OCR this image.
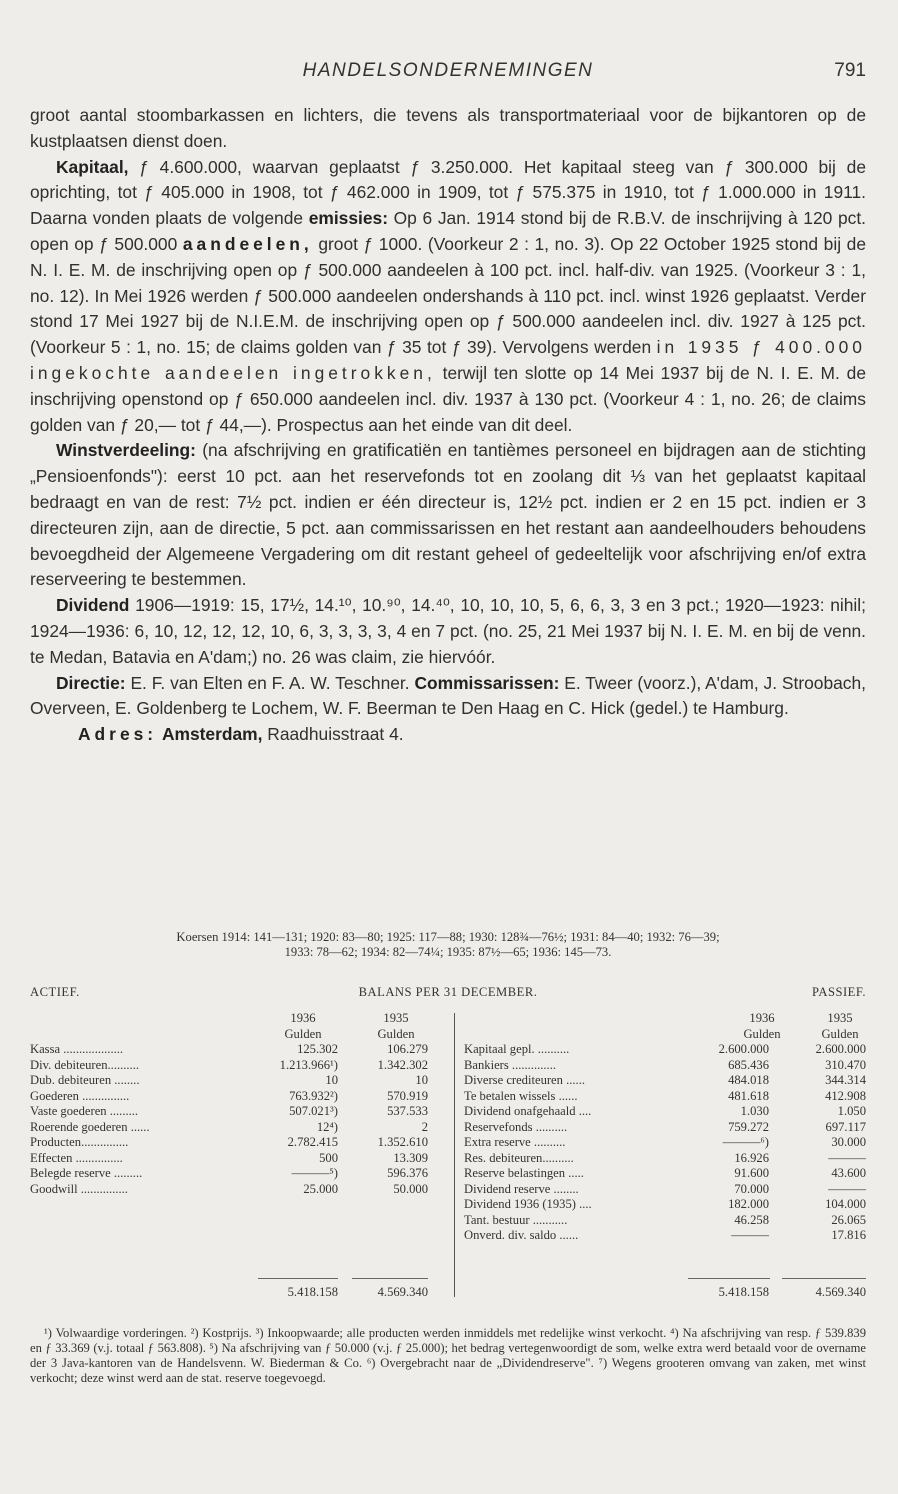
HANDELSONDERNEMINGEN	791

groot aantal stoombarkassen en lichters, die tevens als transportmateriaal voor de bijkantoren op de kustplaatsen dienst doen.

Kapitaal, ƒ 4.600.000, waarvan geplaatst ƒ 3.250.000. Het kapitaal steeg van ƒ 300.000 bij de oprichting, tot ƒ 405.000 in 1908, tot ƒ 462.000 in 1909, tot ƒ 575.375 in 1910, tot ƒ 1.000.000 in 1911. Daarna vonden plaats de volgende emissies: Op 6 Jan. 1914 stond bij de R.B.V. de inschrijving à 120 pct. open op ƒ 500.000 aandeelen, groot ƒ 1000. (Voorkeur 2 : 1, no. 3). Op 22 October 1925 stond bij de N. I. E. M. de inschrijving open op ƒ 500.000 aandeelen à 100 pct. incl. half-div. van 1925. (Voorkeur 3 : 1, no. 12). In Mei 1926 werden ƒ 500.000 aandeelen ondershands à 110 pct. incl. winst 1926 geplaatst. Verder stond 17 Mei 1927 bij de N.I.E.M. de inschrijving open op ƒ 500.000 aandeelen incl. div. 1927 à 125 pct. (Voorkeur 5 : 1, no. 15; de claims golden van ƒ 35 tot ƒ 39). Vervolgens werden in 1935 ƒ 400.000 ingekochte aandeelen ingetrokken, terwijl ten slotte op 14 Mei 1937 bij de N. I. E. M. de inschrijving openstond op ƒ 650.000 aandeelen incl. div. 1937 à 130 pct. (Voorkeur 4 : 1, no. 26; de claims golden van ƒ 20,— tot ƒ 44,—). Prospectus aan het einde van dit deel.

Winstverdeeling: (na afschrijving en gratificatiën en tantièmes personeel en bijdragen aan de stichting „Pensioenfonds"): eerst 10 pct. aan het reservefonds tot en zoolang dit ⅓ van het geplaatst kapitaal bedraagt en van de rest: 7½ pct. indien er één directeur is, 12½ pct. indien er 2 en 15 pct. indien er 3 directeuren zijn, aan de directie, 5 pct. aan commissarissen en het restant aan aandeelhouders behoudens bevoegdheid der Algemeene Vergadering om dit restant geheel of gedeeltelijk voor afschrijving en/of extra reserveering te bestemmen.

Dividend 1906—1919: 15, 17½, 14.¹⁰, 10.⁹⁰, 14.⁴⁰, 10, 10, 10, 5, 6, 6, 3, 3 en 3 pct.; 1920—1923: nihil; 1924—1936: 6, 10, 12, 12, 12, 10, 6, 3, 3, 3, 3, 4 en 7 pct. (no. 25, 21 Mei 1937 bij N. I. E. M. en bij de venn. te Medan, Batavia en A'dam;) no. 26 was claim, zie hiervóór.

Directie: E. F. van Elten en F. A. W. Teschner. Commissarissen: E. Tweer (voorz.), A'dam, J. Stroobach, Overveen, E. Goldenberg te Lochem, W. F. Beerman te Den Haag en C. Hick (gedel.) te Hamburg.

Adres: Amsterdam, Raadhuisstraat 4.

Koersen 1914: 141—131; 1920: 83—80; 1925: 117—88; 1930: 128¾—76½; 1931: 84—40; 1932: 76—39;

1933: 78—62; 1934: 82—74¼; 1935: 87½—65; 1936: 145—73.

ACTIEF.	BALANS PER 31 DECEMBER.	PASSIEF.
1936	1935
Gulden	Gulden
Kassa ...................	125.302	106.279
Div. debiteuren..........	1.213.966¹)	1.342.302
Dub. debiteuren ........	10	10
Goederen ...............	763.932²)	570.919
Vaste goederen .........	507.021³)	537.533
Roerende goederen ......	12⁴)	2
Producten...............	2.782.415	1.352.610
Effecten ...............	500	13.309
Belegde reserve .........	———⁵)	596.376
Goodwill ...............	25.000	50.000
1936	1935
Gulden	Gulden
Kapitaal gepl. ..........	2.600.000	2.600.000
Bankiers ..............	685.436	310.470
Diverse crediteuren ......	484.018	344.314
Te betalen wissels ......	481.618	412.908
Dividend onafgehaald ....	1.030	1.050
Reservefonds ..........	759.272	697.117
Extra reserve ..........	———⁶)	30.000
Res. debiteuren..........	16.926	———
Reserve belastingen .....	91.600	43.600
Dividend reserve ........	70.000	———
Dividend 1936 (1935) ....	182.000	104.000
Tant. bestuur ...........	46.258	26.065
Onverd. div. saldo ......	———	17.816
5.418.158	4.569.340	5.418.158	4.569.340

¹) Volwaardige vorderingen. ²) Kostprijs. ³) Inkoopwaarde; alle producten werden inmiddels met redelijke winst verkocht. ⁴) Na afschrijving van resp. ƒ 539.839 en ƒ 33.369 (v.j. totaal ƒ 563.808). ⁵) Na afschrijving van ƒ 50.000 (v.j. ƒ 25.000); het bedrag vertegenwoordigt de som, welke extra werd betaald voor de overname der 3 Java-kantoren van de Handelsvenn. W. Biederman & Co. ⁶) Overgebracht naar de „Dividendreserve". ⁷) Wegens grooteren omvang van zaken, met winst verkocht; deze winst werd aan de stat. reserve toegevoegd.
